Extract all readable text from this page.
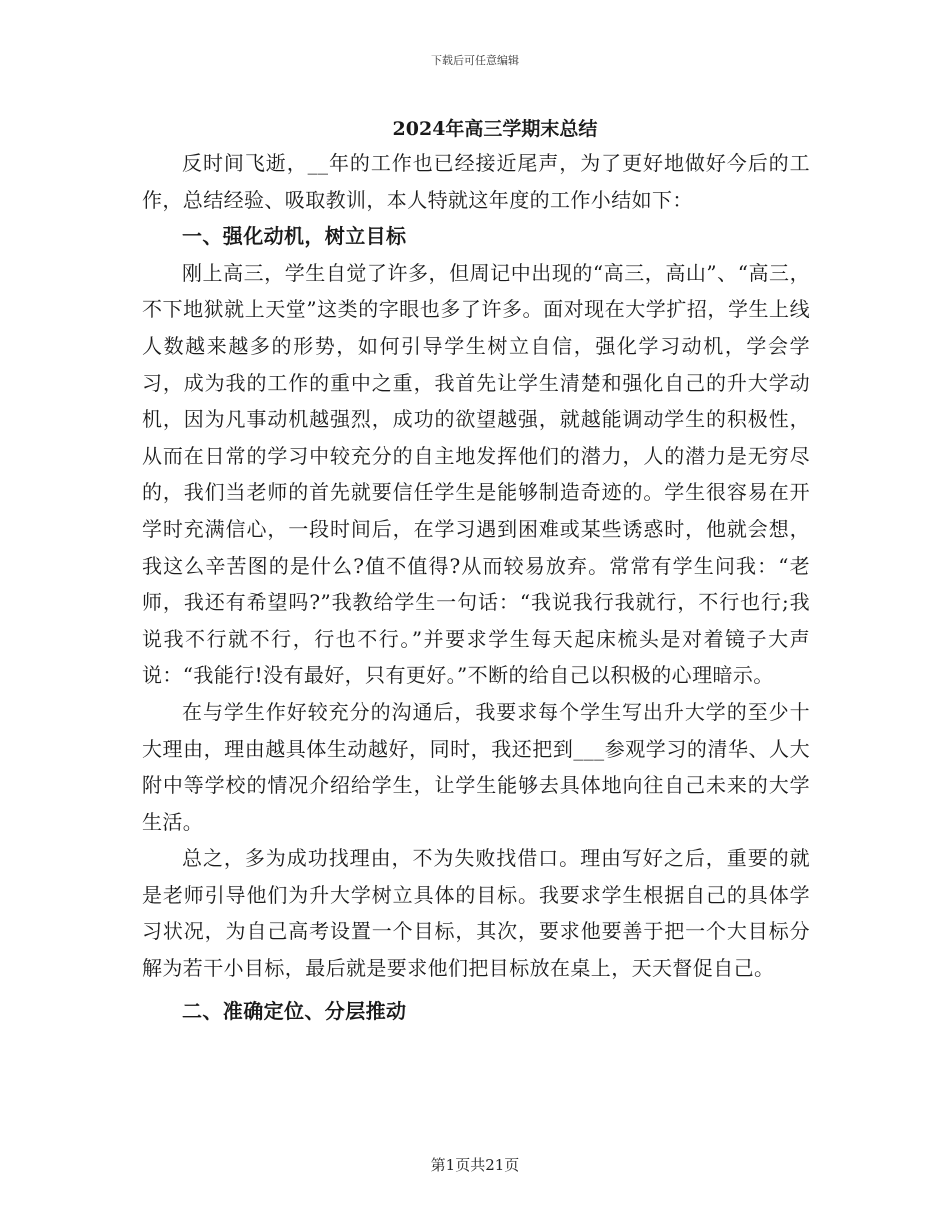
下载后可任意编辑
2024年高三学期末总结

反时间飞逝，__年的工作也已经接近尾声，为了更好地做好今后的工作，总结经验、吸取教训，本人特就这年度的工作小结如下：

一、强化动机，树立目标

刚上高三，学生自觉了许多，但周记中出现的“高三，高山”、“高三，不下地狱就上天堂”这类的字眼也多了许多。面对现在大学扩招，学生上线人数越来越多的形势，如何引导学生树立自信，强化学习动机，学会学习，成为我的工作的重中之重，我首先让学生清楚和强化自己的升大学动机，因为凡事动机越强烈，成功的欲望越强，就越能调动学生的积极性，从而在日常的学习中较充分的自主地发挥他们的潜力，人的潜力是无穷尽的，我们当老师的首先就要信任学生是能够制造奇迹的。学生很容易在开学时充满信心，一段时间后，在学习遇到困难或某些诱惑时，他就会想，我这么辛苦图的是什么?值不值得?从而较易放弃。常常有学生问我：“老师，我还有希望吗?”我教给学生一句话：“我说我行我就行，不行也行;我说我不行就不行，行也不行。”并要求学生每天起床梳头是对着镜子大声说：“我能行!没有最好，只有更好。”不断的给自己以积极的心理暗示。

在与学生作好较充分的沟通后，我要求每个学生写出升大学的至少十大理由，理由越具体生动越好，同时，我还把到___参观学习的清华、人大附中等学校的情况介绍给学生，让学生能够去具体地向往自己未来的大学生活。

总之，多为成功找理由，不为失败找借口。理由写好之后，重要的就是老师引导他们为升大学树立具体的目标。我要求学生根据自己的具体学习状况，为自己高考设置一个目标，其次，要求他要善于把一个大目标分解为若干小目标，最后就是要求他们把目标放在桌上，天天督促自己。

二、准确定位、分层推动
第1页共21页
